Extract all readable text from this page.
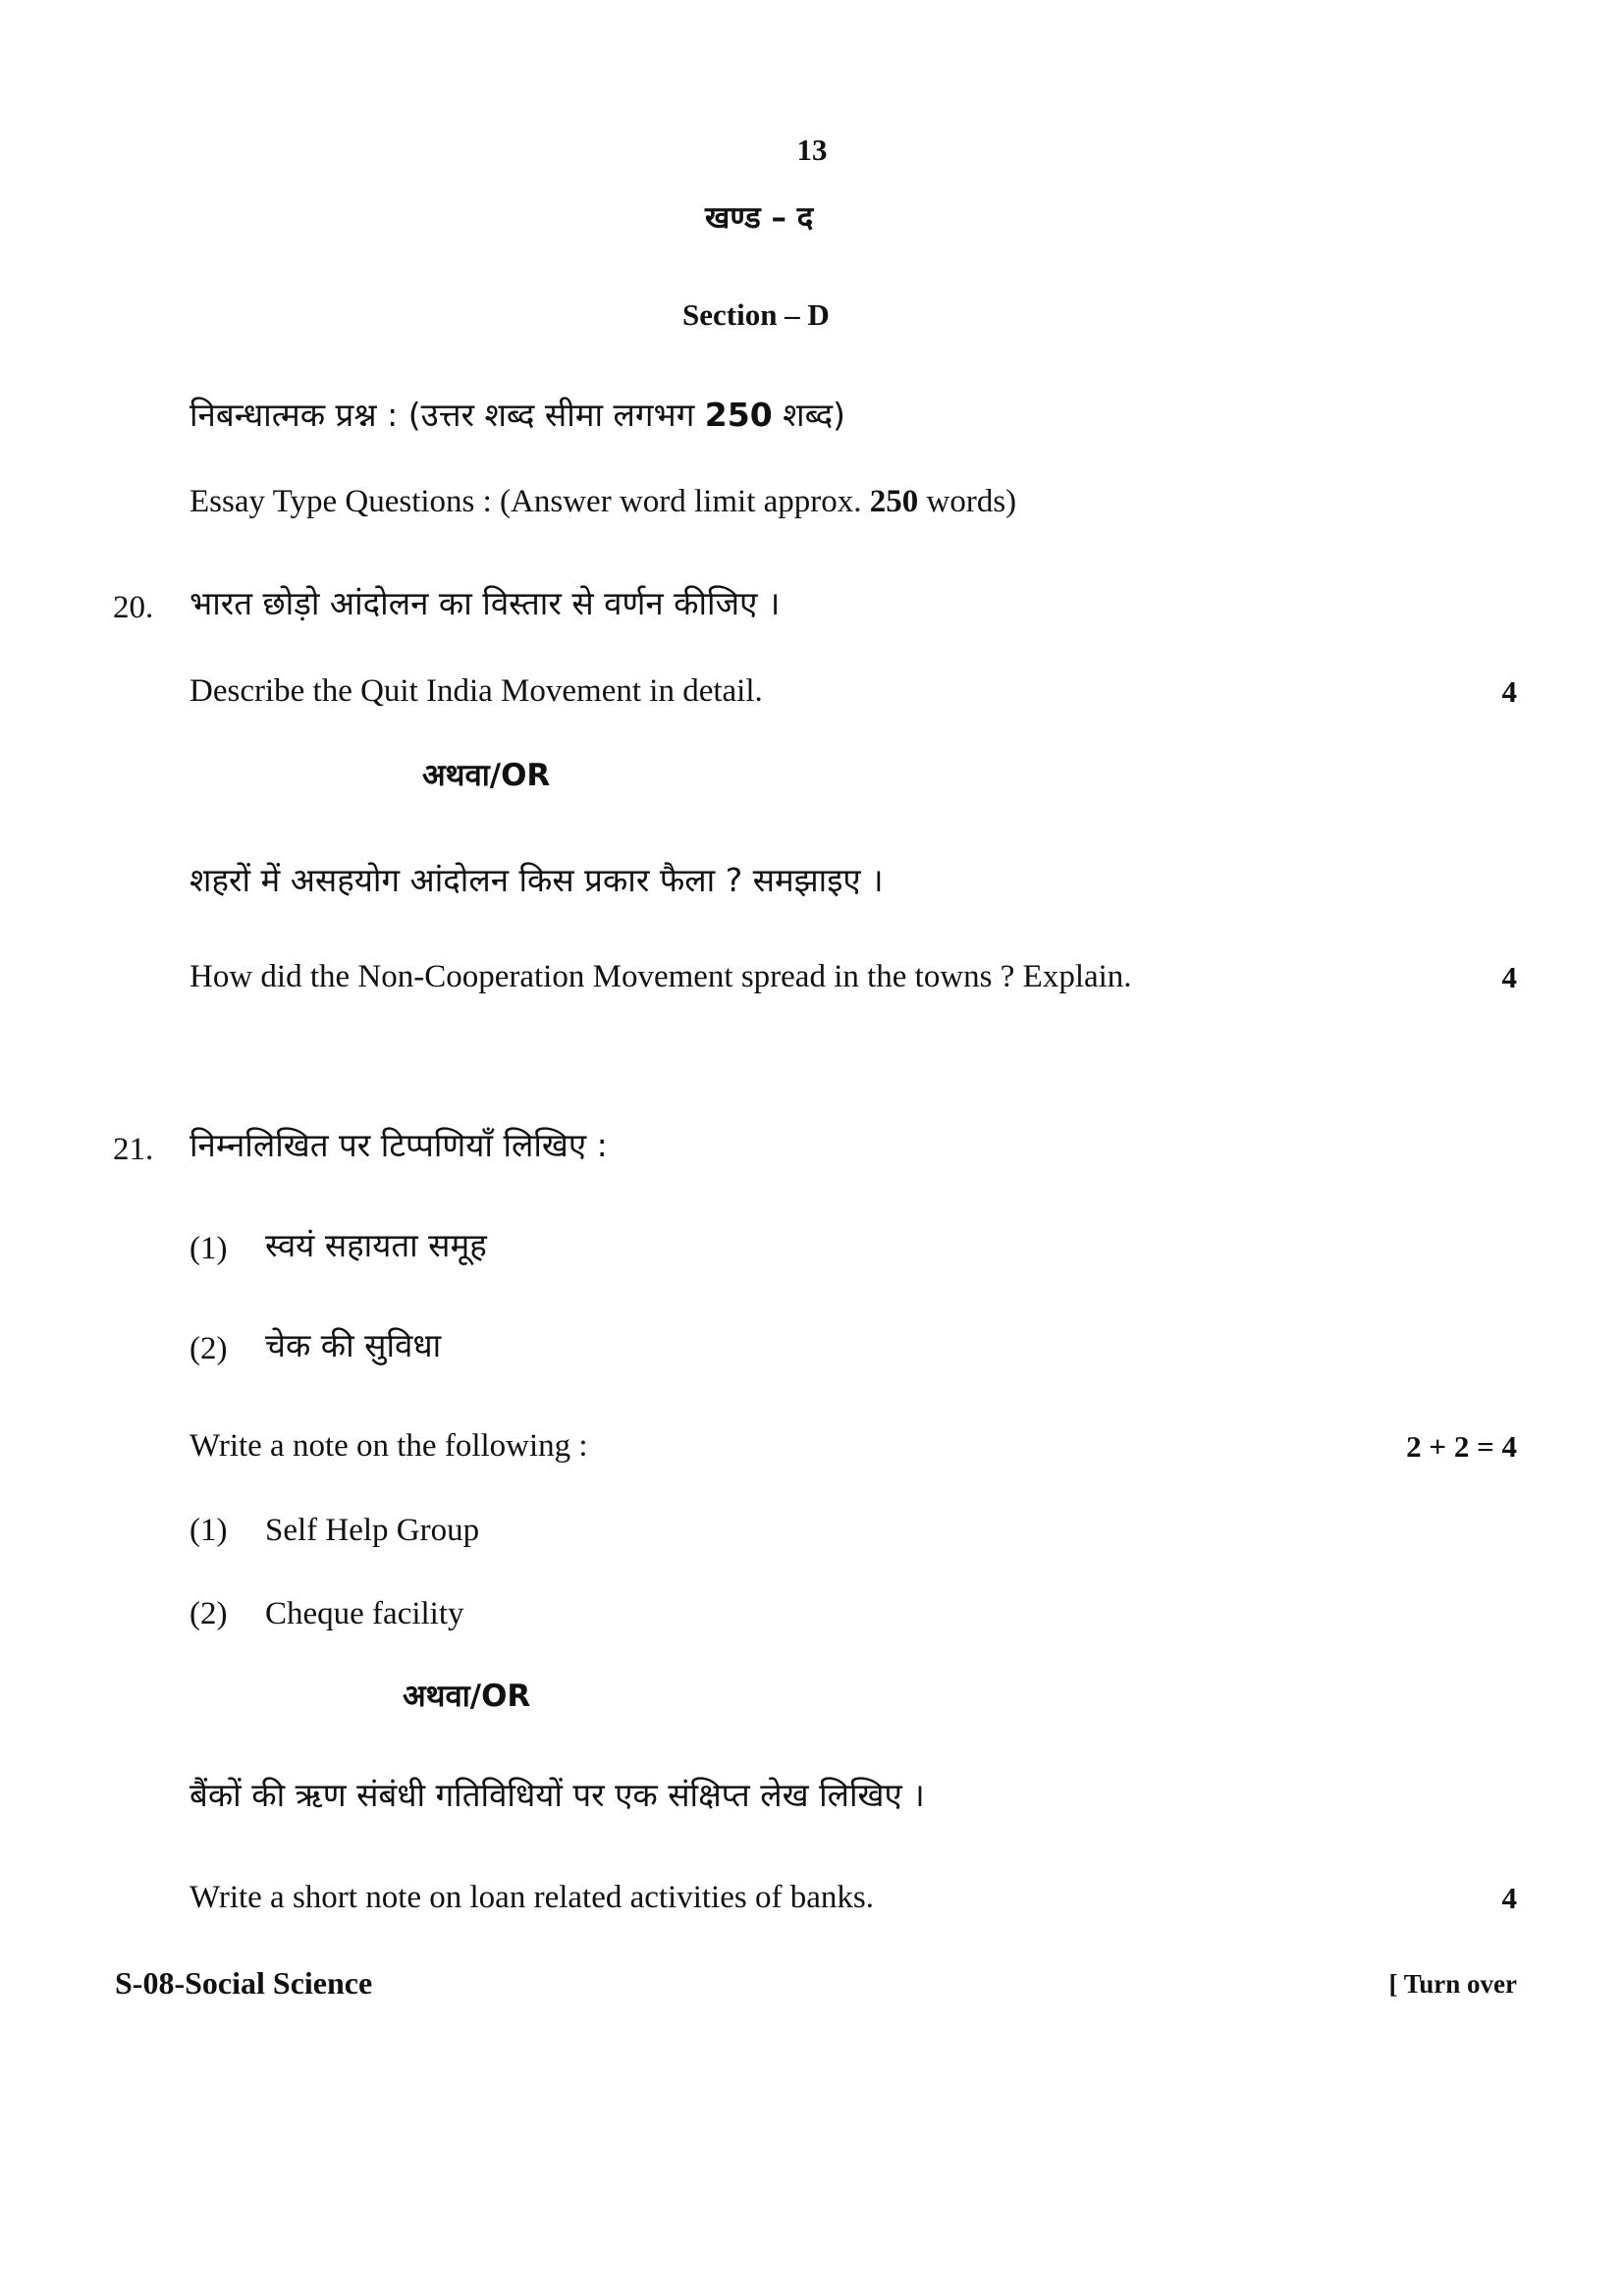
13
खण्ड – द
Section – D
निबन्धात्मक प्रश्न : (उत्तर शब्द सीमा लगभग 250 शब्द)
Essay Type Questions : (Answer word limit approx. 250 words)
20. भारत छोड़ो आंदोलन का विस्तार से वर्णन कीजिए ।
Describe the Quit India Movement in detail.	4
अथवा/OR
शहरों में असहयोग आंदोलन किस प्रकार फैला ? समझाइए ।
How did the Non-Cooperation Movement spread in the towns ? Explain.	4
21. निम्नलिखित पर टिप्पणियाँ लिखिए :
(1) स्वयं सहायता समूह
(2) चेक की सुविधा
Write a note on the following :	2 + 2 = 4
(1) Self Help Group
(2) Cheque facility
अथवा/OR
बैंकों की ऋण संबंधी गतिविधियों पर एक संक्षिप्त लेख लिखिए ।
Write a short note on loan related activities of banks.	4
S-08-Social Science	[ Turn over
